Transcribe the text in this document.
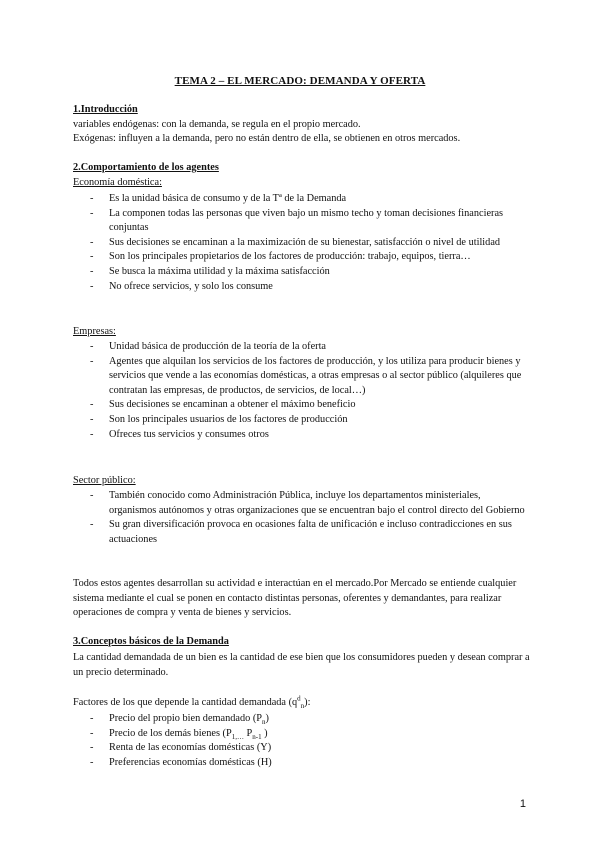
TEMA 2 – EL MERCADO: DEMANDA Y OFERTA
1.Introducción
variables endógenas: con la demanda, se regula en el propio mercado.
Exógenas: influyen a la demanda, pero no están dentro de ella, se obtienen en otros mercados.
2.Comportamiento de los agentes
Economía doméstica:
- Es la unidad básica de consumo y de la Tª de la Demanda
- La componen todas las personas que viven bajo un mismo techo y toman decisiones financieras conjuntas
- Sus decisiones se encaminan a la maximización de su bienestar, satisfacción o nivel de utilidad
- Son los principales propietarios de los factores de producción: trabajo, equipos, tierra…
- Se busca la máxima utilidad y la máxima satisfacción
- No ofrece servicios, y solo los consume
Empresas:
- Unidad básica de producción de la teoría de la oferta
- Agentes que alquilan los servicios de los factores de producción, y los utiliza para producir bienes y servicios que vende a las economías domésticas, a otras empresas o al sector público (alquileres que contratan las empresas, de productos, de servicios, de local…)
- Sus decisiones se encaminan a obtener el máximo beneficio
- Son los principales usuarios de los factores de producción
- Ofreces tus servicios y consumes otros
Sector público:
- También conocido como Administración Pública, incluye los departamentos ministeriales, organismos autónomos y otras organizaciones que se encuentran bajo el control directo del Gobierno
- Su gran diversificación provoca en ocasiones falta de unificación e incluso contradicciones en sus actuaciones
Todos estos agentes desarrollan su actividad e interactúan en el mercado.Por Mercado se entiende cualquier sistema mediante el cual se ponen en contacto distintas personas, oferentes y demandantes, para realizar operaciones de compra y venta de bienes y servicios.
3.Conceptos básicos de la Demanda
La cantidad demandada de un bien es la cantidad de ese bien que los consumidores pueden y desean comprar a un precio determinado.
Factores de los que depende la cantidad demandada $(q^d_n)$:
- Precio del propio bien demandado $(P_n)$
- Precio de los demás bienes ($P_{1,\dots}$ $P_{n-1}$ )
- Renta de las economías domésticas (Y)
- Preferencias economías domésticas (H)
1
